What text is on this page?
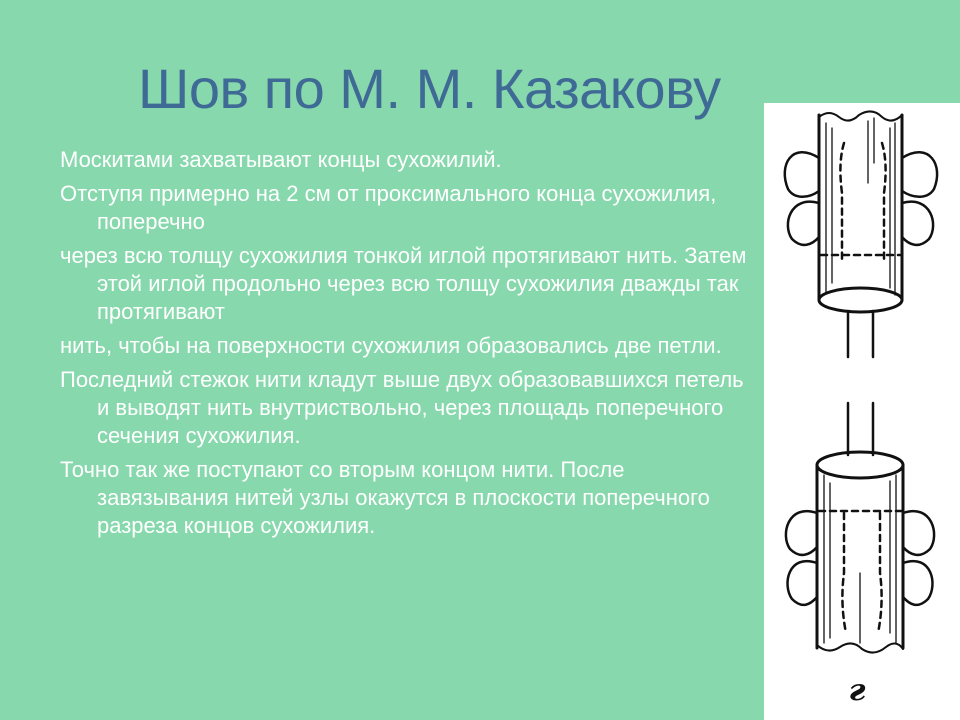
Шов по М. М. Казакову

Москитами захватывают концы сухожилий.

Отступя примерно на 2 см от проксимального конца сухожилия, поперечно

через всю толщу сухожилия тонкой иглой протягивают нить. Затем этой иглой продольно через всю толщу сухожилия дважды так протягивают

нить, чтобы на поверхности сухожилия образовались две петли.

Последний стежок нити кладут выше двух образовавшихся петель и выводят нить внутриствольно, через площадь поперечного сечения сухожилия.

Точно так же поступают со вторым концом нити. После завязывания нитей узлы окажутся в плоскости поперечного разреза концов сухожилия.

г
